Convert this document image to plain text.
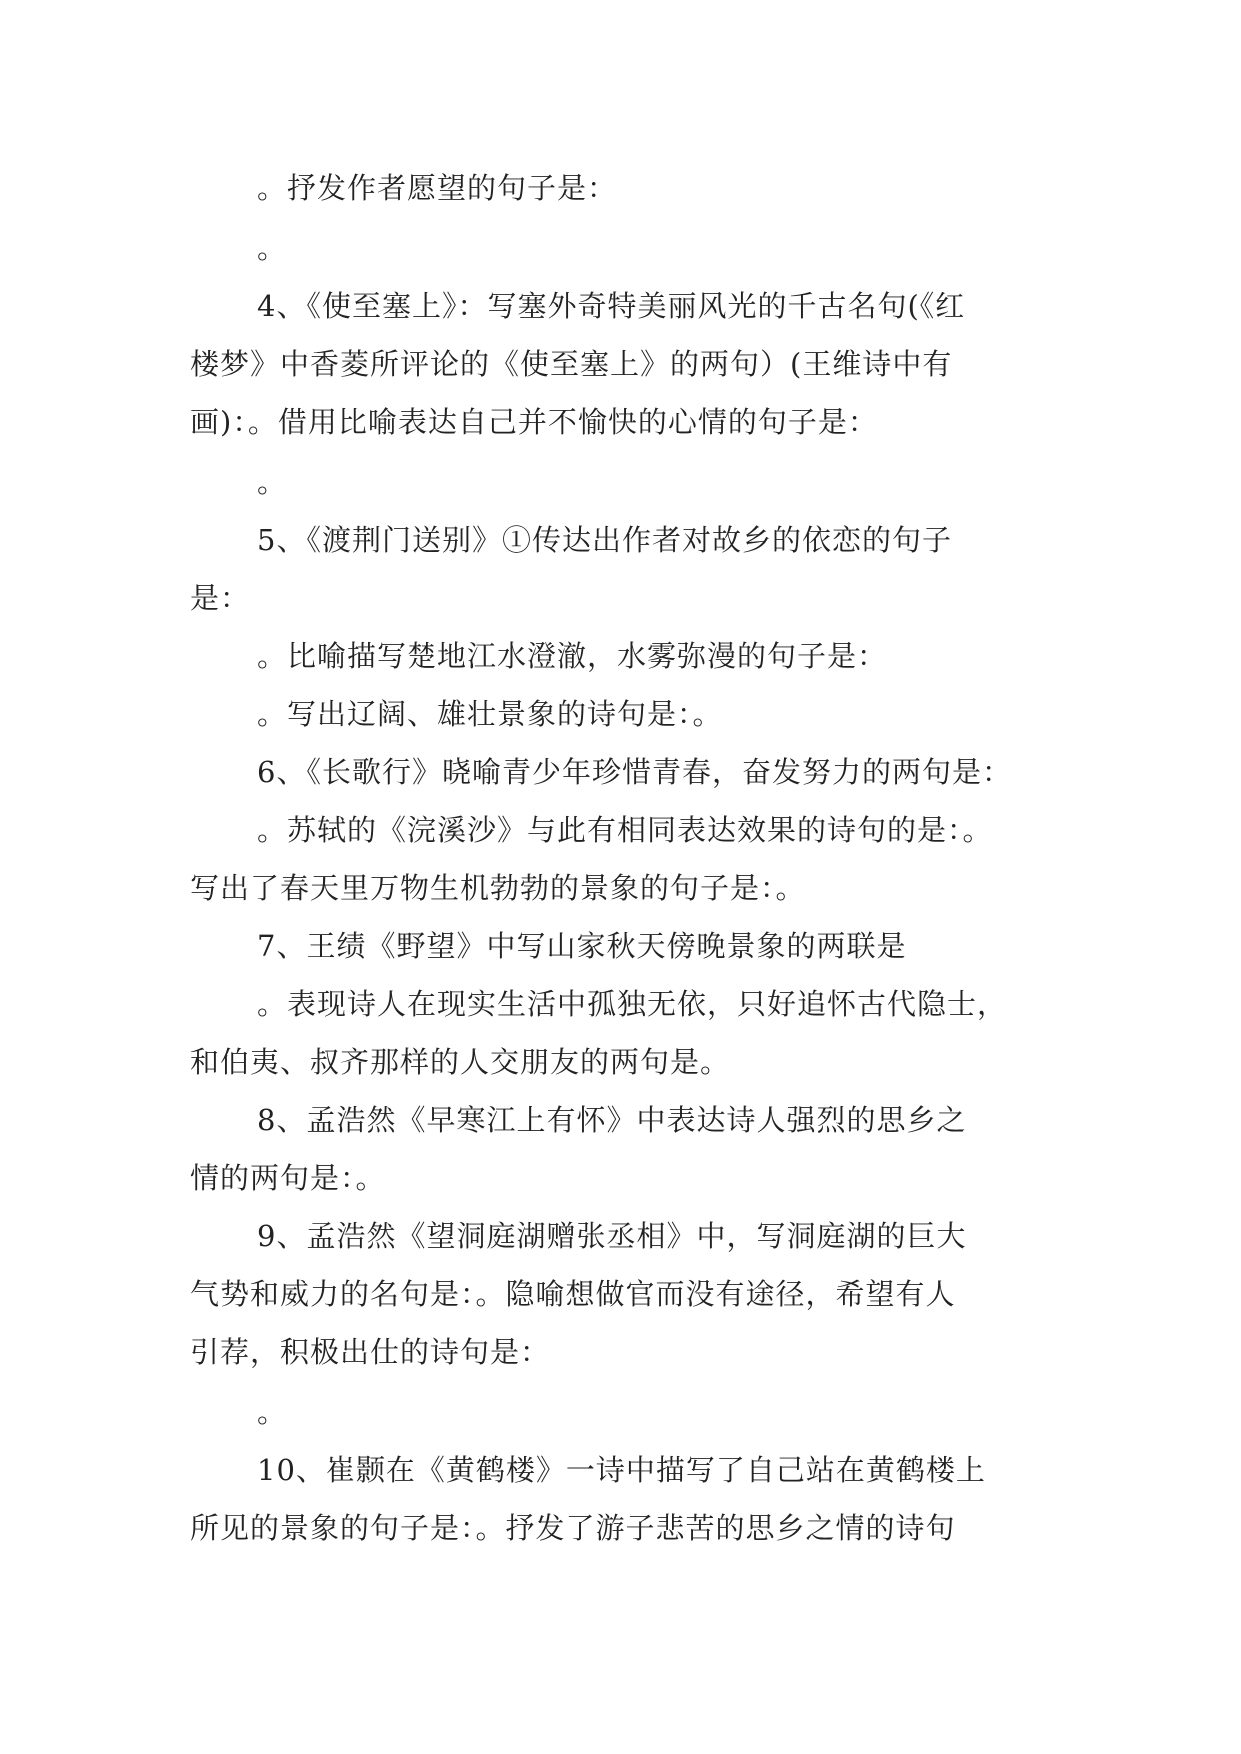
。抒发作者愿望的句子是：
。
4、《使至塞上》：写塞外奇特美丽风光的千古名句(《红
楼梦》中香菱所评论的《使至塞上》的两句）(王维诗中有
画)：。借用比喻表达自己并不愉快的心情的句子是：
。
5、《渡荆门送别》①传达出作者对故乡的依恋的句子
是：
。比喻描写楚地江水澄澈，水雾弥漫的句子是：
。写出辽阔、雄壮景象的诗句是：。
6、《长歌行》晓喻青少年珍惜青春，奋发努力的两句是：
。苏轼的《浣溪沙》与此有相同表达效果的诗句的是：。
写出了春天里万物生机勃勃的景象的句子是：。
7、王绩《野望》中写山家秋天傍晚景象的两联是
。表现诗人在现实生活中孤独无依，只好追怀古代隐士，
和伯夷、叔齐那样的人交朋友的两句是。
8、孟浩然《早寒江上有怀》中表达诗人强烈的思乡之
情的两句是：。
9、孟浩然《望洞庭湖赠张丞相》中，写洞庭湖的巨大
气势和威力的名句是：。隐喻想做官而没有途径，希望有人
引荐，积极出仕的诗句是：
。
10、崔颢在《黄鹤楼》一诗中描写了自己站在黄鹤楼上
所见的景象的句子是：。抒发了游子悲苦的思乡之情的诗句
